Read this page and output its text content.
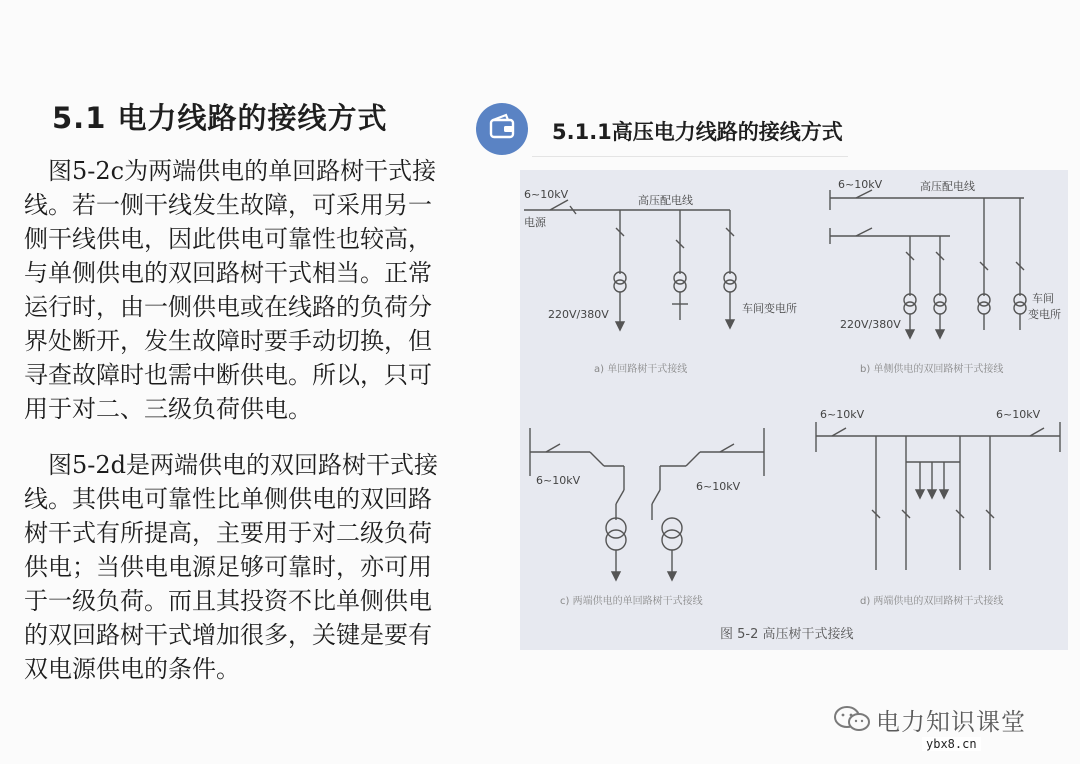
5.1 电力线路的接线方式	5.1.1高压电力线路的接线方式
图5-2c为两端供电的单回路树干式接
线。若一侧干线发生故障，可采用另一
侧干线供电，因此供电可靠性也较高，
与单侧供电的双回路树干式相当。正常
运行时，由一侧供电或在线路的负荷分
界处断开，发生故障时要手动切换，但
寻查故障时也需中断供电。所以，只可
用于对二、三级负荷供电。
图5-2d是两端供电的双回路树干式接
线。其供电可靠性比单侧供电的双回路
树干式有所提高，主要用于对二级负荷
供电；当供电电源足够可靠时，亦可用
于一级负荷。而且其投资不比单侧供电
的双回路树干式增加很多，关键是要有
双电源供电的条件。
6~10kV
电源
高压配电线
220V/380V	车间变电所
a) 单回路树干式接线
6~10kV	高压配电线
220V/380V
车间
变电所
b) 单侧供电的双回路树干式接线
6~10kV	6~10kV
c) 两端供电的单回路树干式接线
6~10kV	6~10kV
d) 两端供电的双回路树干式接线
图 5-2 高压树干式接线
电力知识课堂
ybx8.cn
